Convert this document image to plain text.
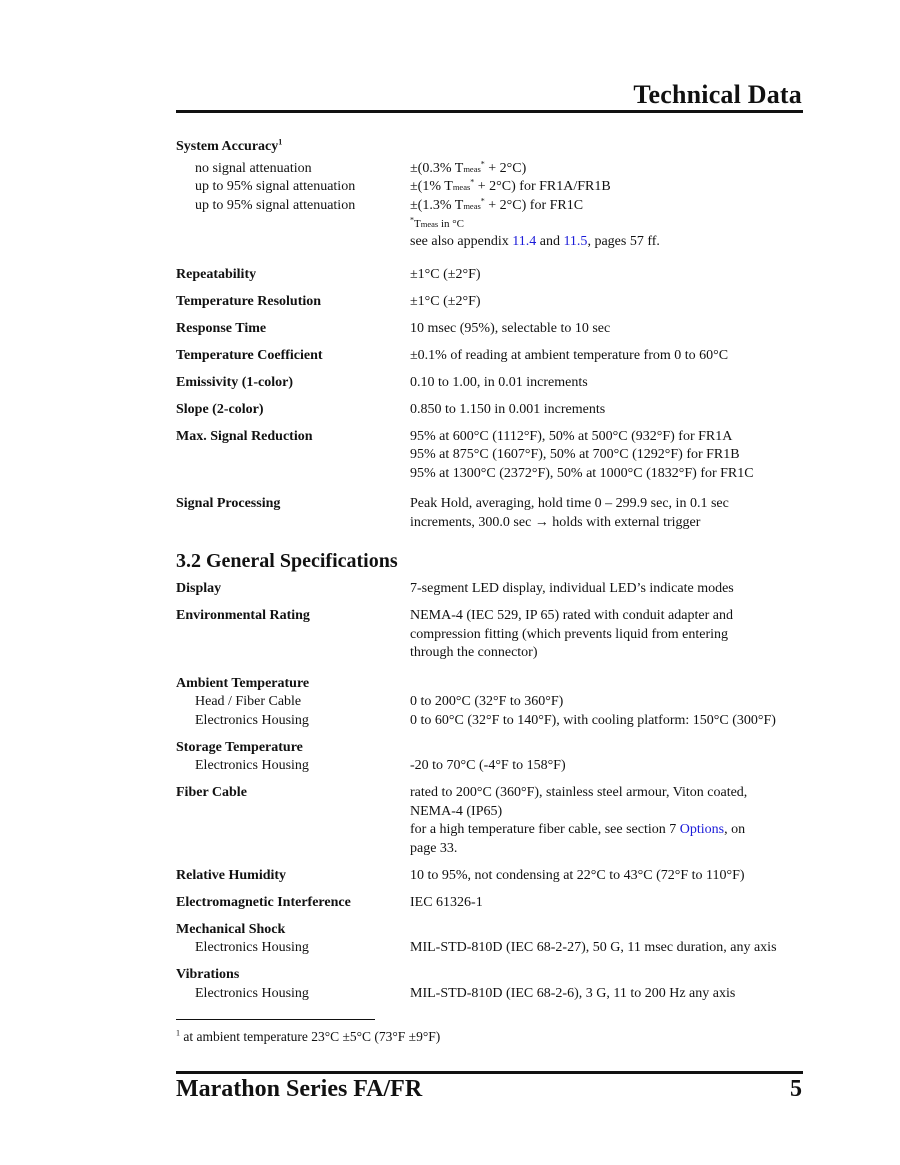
Technical Data
System Accuracy$^1$
no signal attenuation	±(0.3% Tmeas* + 2°C)
up to 95% signal attenuation	±(1% Tmeas* + 2°C) for FR1A/FR1B
up to 95% signal attenuation	±(1.3% Tmeas* + 2°C) for FR1C
*Tmeas in °C
see also appendix 11.4 and 11.5, pages 57 ff.
Repeatability	±1°C (±2°F)
Temperature Resolution	±1°C (±2°F)
Response Time	10 msec (95%), selectable to 10 sec
Temperature Coefficient	±0.1% of reading at ambient temperature from 0 to 60°C
Emissivity (1-color)	0.10 to 1.00, in 0.01 increments
Slope (2-color)	0.850 to 1.150 in 0.001 increments
Max. Signal Reduction	95% at 600°C (1112°F), 50% at 500°C (932°F) for FR1A
95% at 875°C (1607°F), 50% at 700°C (1292°F) for FR1B
95% at 1300°C (2372°F), 50% at 1000°C (1832°F) for FR1C
Signal Processing	Peak Hold, averaging, hold time 0 – 299.9 sec, in 0.1 sec
increments, 300.0 sec → holds with external trigger
3.2 General Specifications
Display	7-segment LED display, individual LED’s indicate modes
Environmental Rating	NEMA-4 (IEC 529, IP 65) rated with conduit adapter and
compression fitting (which prevents liquid from entering
through the connector)
Ambient Temperature
Head / Fiber Cable	0 to 200°C (32°F to 360°F)
Electronics Housing	0 to 60°C (32°F to 140°F), with cooling platform: 150°C (300°F)
Storage Temperature
Electronics Housing	-20 to 70°C (-4°F to 158°F)
Fiber Cable	rated to 200°C (360°F), stainless steel armour, Viton coated,
NEMA-4 (IP65)
for a high temperature fiber cable, see section 7 Options, on
page 33.
Relative Humidity	10 to 95%, not condensing at 22°C to 43°C (72°F to 110°F)
Electromagnetic Interference	IEC 61326-1
Mechanical Shock
Electronics Housing	MIL-STD-810D (IEC 68-2-27), 50 G, 11 msec duration, any axis
Vibrations
Electronics Housing	MIL-STD-810D (IEC 68-2-6), 3 G, 11 to 200 Hz any axis
$^1$ at ambient temperature 23°C ±5°C (73°F ±9°F)
Marathon Series FA/FR	5
